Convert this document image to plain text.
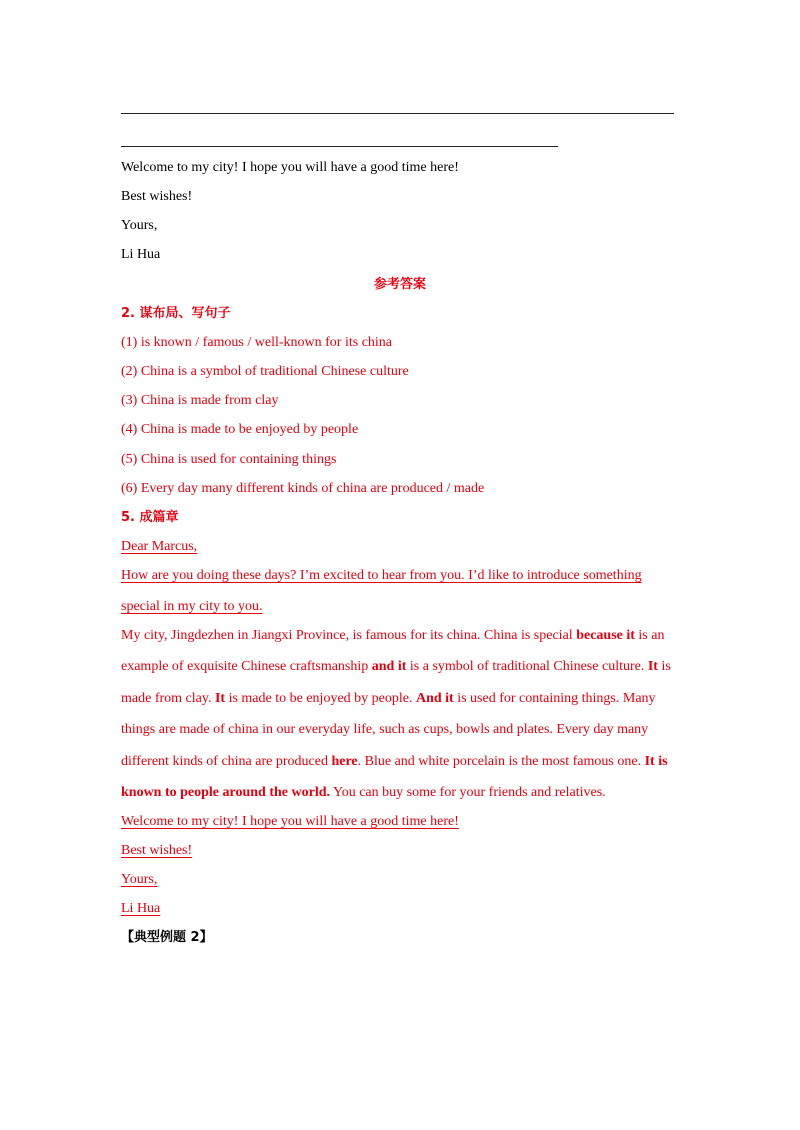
Welcome to my city! I hope you will have a good time here!
Best wishes!
Yours,
Li Hua
参考答案
2. 谋布局、写句子
(1) is known / famous / well-known for its china
(2) China is a symbol of traditional Chinese culture
(3) China is made from clay
(4) China is made to be enjoyed by people
(5) China is used for containing things
(6) Every day many different kinds of china are produced / made
5. 成篇章
Dear Marcus,
How are you doing these days? I’m excited to hear from you. I’d like to introduce something
special in my city to you.
My city, Jingdezhen in Jiangxi Province, is famous for its china. China is special because it is an
example of exquisite Chinese craftsmanship and it is a symbol of traditional Chinese culture. It is
made from clay. It is made to be enjoyed by people. And it is used for containing things. Many
things are made of china in our everyday life, such as cups, bowls and plates. Every day many
different kinds of china are produced here. Blue and white porcelain is the most famous one. It is
known to people around the world. You can buy some for your friends and relatives.
Welcome to my city! I hope you will have a good time here!
Best wishes!
Yours,
Li Hua
【典型例题 2】
